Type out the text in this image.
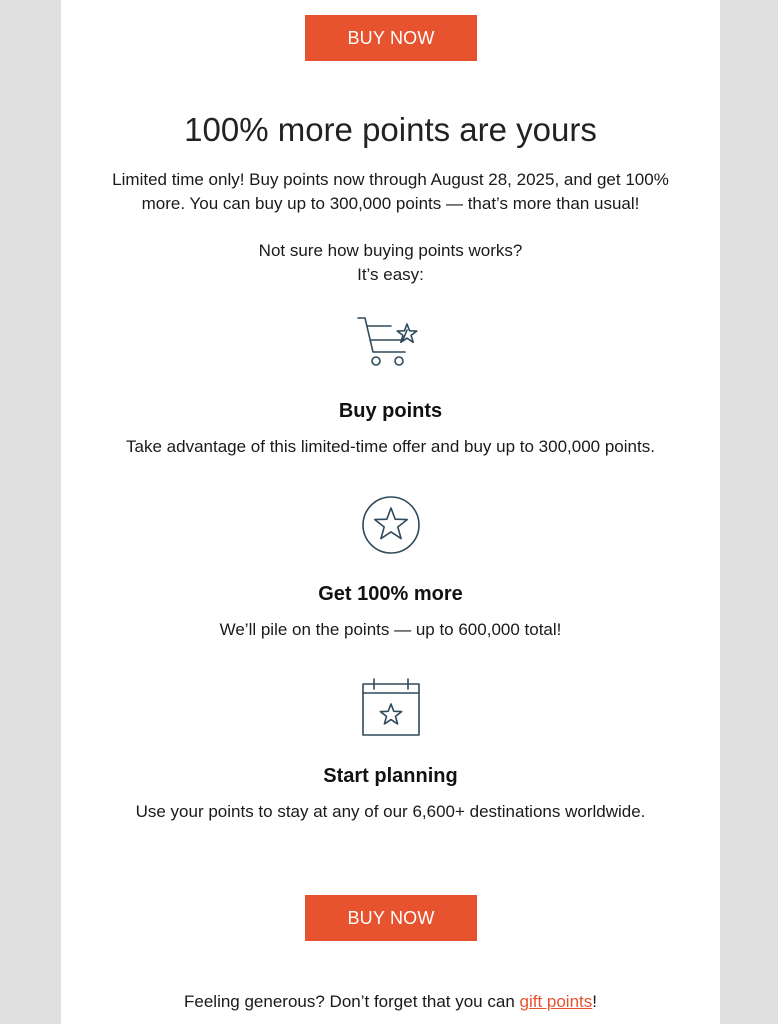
BUY NOW
100% more points are yours

Limited time only! Buy points now through August 28, 2025, and get 100% more. You can buy up to 300,000 points — that’s more than usual!

Not sure how buying points works?
It’s easy:

Buy points

Take advantage of this limited-time offer and buy up to 300,000 points.

Get 100% more

We’ll pile on the points — up to 600,000 total!

Start planning

Use your points to stay at any of our 6,600+ destinations worldwide.

BUY NOW

Feeling generous? Don’t forget that you can gift points!
